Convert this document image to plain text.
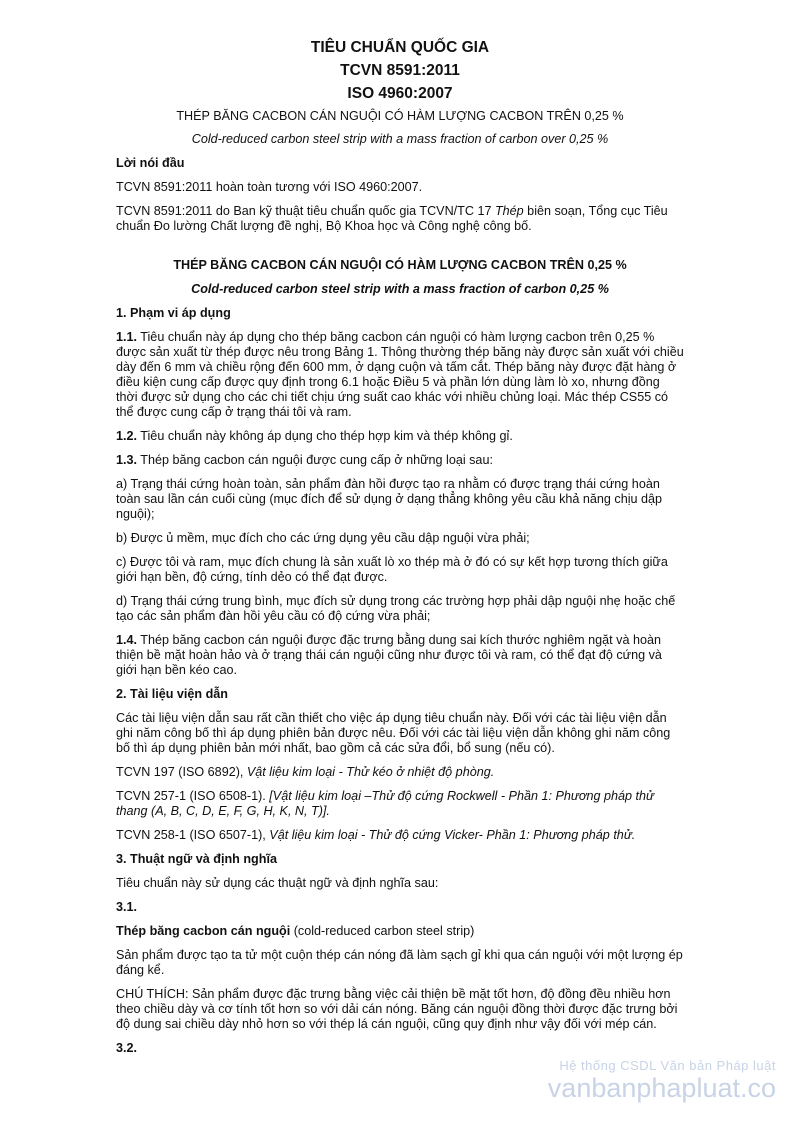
TIÊU CHUẨN QUỐC GIA
TCVN 8591:2011
ISO 4960:2007
THÉP BĂNG CACBON CÁN NGUỘI CÓ HÀM LƯỢNG CACBON TRÊN 0,25 %
Cold-reduced carbon steel strip with a mass fraction of carbon over 0,25 %

Lời nói đầu

TCVN 8591:2011 hoàn toàn tương với ISO 4960:2007.

TCVN 8591:2011 do Ban kỹ thuật tiêu chuẩn quốc gia TCVN/TC 17 Thép biên soạn, Tổng cục Tiêu chuẩn Đo lường Chất lượng đề nghị, Bộ Khoa học và Công nghệ công bố.

THÉP BĂNG CACBON CÁN NGUỘI CÓ HÀM LƯỢNG CACBON TRÊN 0,25 %
Cold-reduced carbon steel strip with a mass fraction of carbon 0,25 %

1. Phạm vi áp dụng

1.1. Tiêu chuẩn này áp dụng cho thép băng cacbon cán nguội có hàm lượng cacbon trên 0,25 % được sản xuất từ thép được nêu trong Bảng 1. Thông thường thép băng này được sản xuất với chiều dày đến 6 mm và chiều rộng đến 600 mm, ở dạng cuộn và tấm cắt. Thép băng này được đặt hàng ở điều kiện cung cấp được quy định trong 6.1 hoặc Điều 5 và phần lớn dùng làm lò xo, nhưng đồng thời được sử dụng cho các chi tiết chịu ứng suất cao khác với nhiều chủng loại. Mác thép CS55 có thể được cung cấp ở trạng thái tôi và ram.

1.2. Tiêu chuẩn này không áp dụng cho thép hợp kim và thép không gỉ.

1.3. Thép băng cacbon cán nguội được cung cấp ở những loại sau:

a) Trạng thái cứng hoàn toàn, sản phẩm đàn hồi được tạo ra nhằm có được trạng thái cứng hoàn toàn sau lần cán cuối cùng (mục đích để sử dụng ở dạng thẳng không yêu cầu khả năng chịu dập nguội);

b) Được ủ mềm, mục đích cho các ứng dụng yêu cầu dập nguội vừa phải;

c) Được tôi và ram, mục đích chung là sản xuất lò xo thép mà ở đó có sự kết hợp tương thích giữa giới hạn bền, độ cứng, tính dẻo có thể đạt được.

d) Trạng thái cứng trung bình, mục đích sử dụng trong các trường hợp phải dập nguội nhẹ hoặc chế tạo các sản phẩm đàn hồi yêu cầu có độ cứng vừa phải;

1.4. Thép băng cacbon cán nguội được đặc trưng bằng dung sai kích thước nghiêm ngặt và hoàn thiện bề mặt hoàn hảo và ở trạng thái cán nguội cũng như được tôi và ram, có thể đạt độ cứng và giới hạn bền kéo cao.

2. Tài liệu viện dẫn

Các tài liệu viện dẫn sau rất cần thiết cho việc áp dụng tiêu chuẩn này. Đối với các tài liệu viện dẫn ghi năm công bố thì áp dụng phiên bản được nêu. Đối với các tài liệu viện dẫn không ghi năm công bố thì áp dụng phiên bản mới nhất, bao gồm cả các sửa đổi, bổ sung (nếu có).

TCVN 197 (ISO 6892), Vật liệu kim loại - Thử kéo ở nhiệt độ phòng.

TCVN 257-1 (ISO 6508-1). [Vật liệu kim loại –Thử độ cứng Rockwell - Phần 1: Phương pháp thử thang (A, B, C, D, E, F, G, H, K, N, T)].

TCVN 258-1 (ISO 6507-1), Vật liệu kim loại - Thử độ cứng Vicker- Phần 1: Phương pháp thử.

3. Thuật ngữ và định nghĩa

Tiêu chuẩn này sử dụng các thuật ngữ và định nghĩa sau:

3.1.

Thép băng cacbon cán nguội (cold-reduced carbon steel strip)

Sản phẩm được tạo ta tử một cuộn thép cán nóng đã làm sạch gỉ khi qua cán nguội với một lượng ép đáng kể.

CHÚ THÍCH: Sản phẩm được đặc trưng bằng việc cải thiện bề mặt tốt hơn, độ đồng đều nhiều hơn theo chiều dày và cơ tính tốt hơn so với dải cán nóng. Băng cán nguội đồng thời được đặc trưng bởi độ dung sai chiều dày nhỏ hơn so với thép lá cán nguội, cũng quy định như vậy đối với mép cán.

3.2.

Hệ thống CSDL Văn bản Pháp luật
vanbanphapluat.co
